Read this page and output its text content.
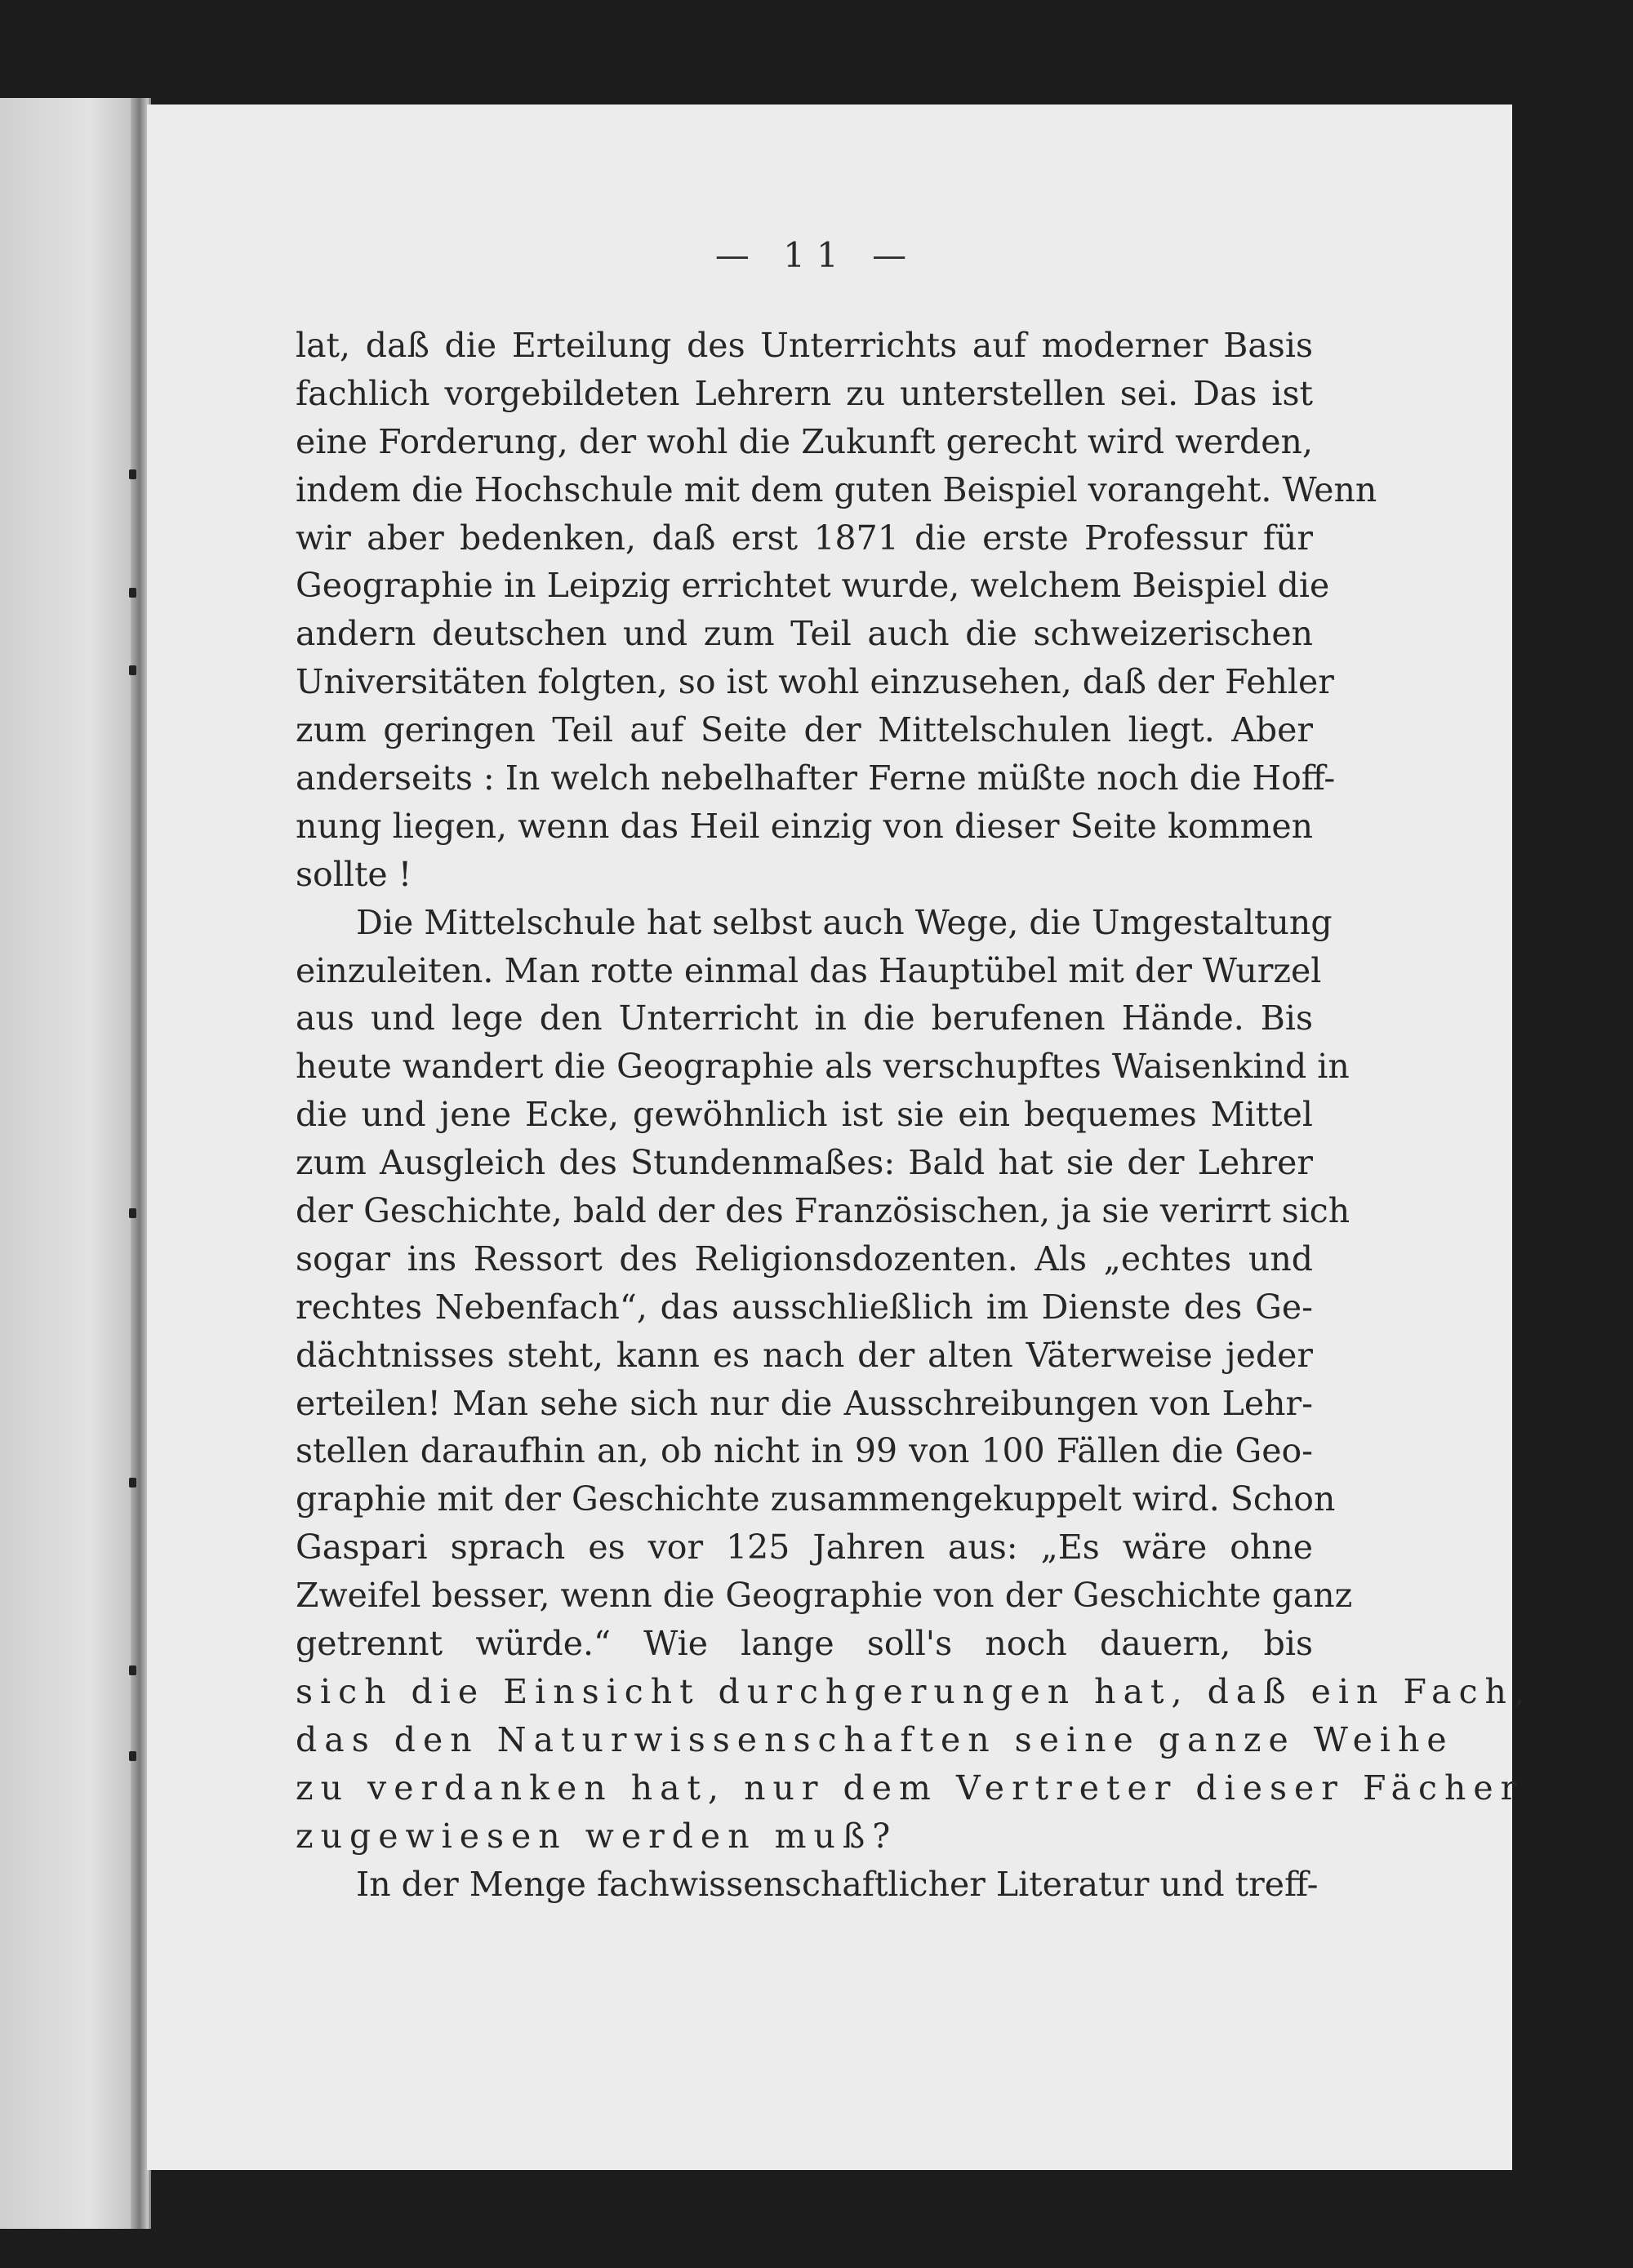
— 11 —
lat, daß die Erteilung des Unterrichts auf moderner Basis
fachlich vorgebildeten Lehrern zu unterstellen sei. Das ist
eine Forderung, der wohl die Zukunft gerecht wird werden,
indem die Hochschule mit dem guten Beispiel vorangeht. Wenn
wir aber bedenken, daß erst 1871 die erste Professur für
Geographie in Leipzig errichtet wurde, welchem Beispiel die
andern deutschen und zum Teil auch die schweizerischen
Universitäten folgten, so ist wohl einzusehen, daß der Fehler
zum geringen Teil auf Seite der Mittelschulen liegt. Aber
anderseits : In welch nebelhafter Ferne müßte noch die Hoff-
nung liegen, wenn das Heil einzig von dieser Seite kommen
sollte !
Die Mittelschule hat selbst auch Wege, die Umgestaltung
einzuleiten. Man rotte einmal das Hauptübel mit der Wurzel
aus und lege den Unterricht in die berufenen Hände. Bis
heute wandert die Geographie als verschupftes Waisenkind in
die und jene Ecke, gewöhnlich ist sie ein bequemes Mittel
zum Ausgleich des Stundenmaßes: Bald hat sie der Lehrer
der Geschichte, bald der des Französischen, ja sie verirrt sich
sogar ins Ressort des Religionsdozenten. Als „echtes und
rechtes Nebenfach“, das ausschließlich im Dienste des Ge-
dächtnisses steht, kann es nach der alten Väterweise jeder
erteilen! Man sehe sich nur die Ausschreibungen von Lehr-
stellen daraufhin an, ob nicht in 99 von 100 Fällen die Geo-
graphie mit der Geschichte zusammengekuppelt wird. Schon
Gaspari sprach es vor 125 Jahren aus: „Es wäre ohne
Zweifel besser, wenn die Geographie von der Geschichte ganz
getrennt würde.“ Wie lange soll's noch dauern, bis
sich die Einsicht durchgerungen hat, daß ein Fach,
das den Naturwissenschaften seine ganze Weihe
zu verdanken hat, nur dem Vertreter dieser Fächer
zugewiesen werden muß?
In der Menge fachwissenschaftlicher Literatur und treff-
